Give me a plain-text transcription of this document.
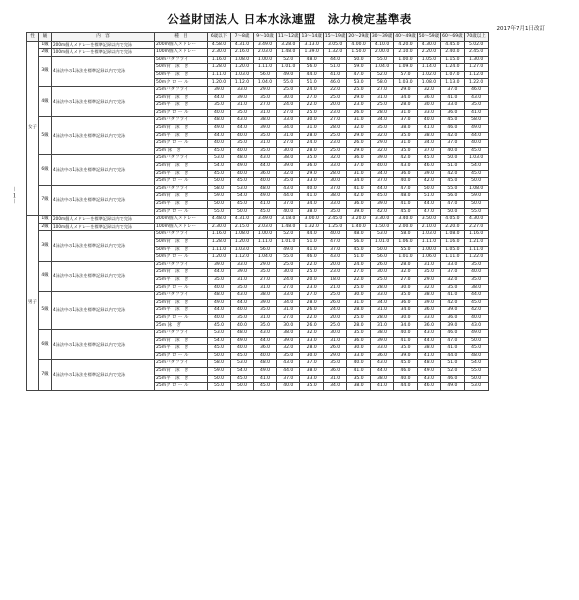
公益財団法人 日本水泳連盟　泳力検定基準表
2017年7月1日改訂
－１－
性	級	内　容	種　目	6歳以下	7～8歳	9～10歳	11～12歳	13～14歳	15～19歳	20～29歳	30～39歳	40～49歳	50～59歳	60～69歳	70歳以上
女子	1級	200m個人メドレーを標準記録以内で完泳	200m個人メドレー	4.58.0	4.31.0	3.49.0	3.28.0	3.13.0	3.05.0	4.00.0	4.10.0	4.20.0	4.30.0	4.45.0	5.02.0
	2級	100m個人メドレーを標準記録以内で完泳	100m個人メドレー	2.30.0	2.16.0	2.03.0	1.48.0	1.39.0	1.32.0	1.50.0	2.00.0	2.10.0	2.20.0	2.40.0	2.45.0
	3級	4泳法中の1泳法を標準記録以内で完泳	50mバタフライ	1.16.0	1.08.0	1.00.0	52.0	48.0	44.0	50.0	55.0	1.00.0	1.05.0	1.15.0	1.30.0
			50m背　泳　ぎ	1.28.0	1.20.0	1.11.0	1.01.0	56.0	51.0	59.0	1.04.0	1.09.0	1.14.0	1.24.0	1.27.0
			50m平　泳　ぎ	1.11.0	1.03.0	56.0	49.0	44.0	41.0	47.0	52.0	57.0	1.02.0	1.07.0	1.12.0
			50mク ロ ー ル	1.20.0	1.12.0	1.04.0	55.0	51.0	46.0	53.0	58.0	1.03.0	1.08.0	1.13.0	1.22.0
	4級	4泳法中の1泳法を標準記録以内で完泳	25mバタフライ	39.0	33.0	29.0	25.0	24.0	22.0	25.0	27.0	29.0	32.0	37.0	46.0
			25m背　泳　ぎ	44.0	39.0	35.0	30.0	27.0	25.0	29.0	31.0	34.0	36.0	41.0	43.0
			25m平　泳　ぎ	35.0	31.0	27.0	24.0	22.0	20.0	23.0	25.0	28.0	30.0	33.0	35.0
			25mク ロ ー ル	40.0	35.0	31.0	27.0	25.0	23.0	26.0	28.0	31.0	33.0	36.0	41.0
	5級	4泳法中の1泳法を標準記録以内で完泳	25mバタフライ	48.0	43.0	38.0	33.0	30.0	27.0	31.0	34.0	37.0	40.0	45.0	58.0
			25m背　泳　ぎ	49.0	44.0	39.0	34.0	31.0	28.0	32.0	35.0	38.0	41.0	46.0	49.0
			25m平　泳　ぎ	44.0	40.0	35.0	31.0	28.0	25.0	29.0	32.0	35.0	38.0	42.0	44.0
			25mク ロ ー ル	40.0	35.0	31.0	27.0	24.0	23.0	26.0	29.0	31.0	34.0	37.0	40.0
			25m 泳　ぎ	45.0	40.0	35.0	30.0	28.0	25.0	29.0	32.0	35.0	37.0	40.0	45.0
	6級	4泳法中の1泳法を標準記録以内で完泳	25mバタフライ	53.0	48.0	43.0	38.0	35.0	32.0	36.0	39.0	42.0	45.0	50.0	1.03.0
			25m背　泳　ぎ	54.0	49.0	44.0	39.0	36.0	33.0	37.0	40.0	43.0	46.0	51.0	54.0
			25m平　泳　ぎ	45.0	40.0	36.0	32.0	29.0	28.0	31.0	34.0	36.0	39.0	42.0	45.0
			25mク ロ ー ル	50.0	45.0	40.0	35.0	33.0	30.0	34.0	37.0	40.0	42.0	45.0	50.0
	7級	4泳法中の1泳法を標準記録以内で完泳	25mバタフライ	58.0	53.0	48.0	43.0	40.0	37.0	41.0	44.0	47.0	50.0	55.0	1.08.0
			25m背　泳　ぎ	59.0	54.0	49.0	44.0	41.0	38.0	42.0	45.0	48.0	51.0	56.0	59.0
			25m平　泳　ぎ	50.0	45.0	41.0	37.0	34.0	33.0	36.0	39.0	41.0	44.0	47.0	50.0
			25mク ロ ー ル	55.0	50.0	45.0	40.0	38.0	35.0	39.0	42.0	45.0	47.0	50.0	55.0
男子	1級	200m個人メドレーを標準記録以内で完泳	200m個人メドレー	4.48.0	4.31.0	3.49.0	3.18.0	3.00.0	2.45.0	3.20.0	3.30.0	3.40.0	3.50.0	4.05.0	4.30.0
	2級	100m個人メドレーを標準記録以内で完泳	100m個人メドレー	2.30.0	2.15.0	2.03.0	1.48.0	1.32.0	1.25.0	1.40.0	1.50.0	2.00.0	2.10.0	2.20.0	2.27.0
	3級	4泳法中の1泳法を標準記録以内で完泳	50mバタフライ	1.16.0	1.08.0	1.00.0	52.0	44.0	40.0	48.0	53.0	58.0	1.03.0	1.08.0	1.16.0
			50m背　泳　ぎ	1.28.0	1.20.0	1.11.0	1.01.0	51.0	47.0	56.0	1.01.0	1.06.0	1.11.0	1.16.0	1.21.0
			50m平　泳　ぎ	1.11.0	1.03.0	56.0	49.0	41.0	37.0	45.0	50.0	55.0	1.00.0	1.05.0	1.11.0
			50mク ロ ー ル	1.20.0	1.12.0	1.04.0	55.0	46.0	43.0	51.0	56.0	1.01.0	1.06.0	1.11.0	1.22.0
	4級	4泳法中の1泳法を標準記録以内で完泳	25mバタフライ	39.0	33.0	29.0	25.0	22.0	20.0	24.0	26.0	28.0	31.0	33.0	35.0
			25m背　泳　ぎ	44.0	39.0	35.0	30.0	25.0	23.0	27.0	30.0	32.0	35.0	37.0	40.0
			25m平　泳　ぎ	35.0	31.0	27.0	24.0	20.0	18.0	22.0	25.0	27.0	29.0	32.0	35.0
			25mク ロ ー ル	40.0	35.0	31.0	27.0	23.0	21.0	25.0	28.0	30.0	32.0	35.0	38.0
	5級	4泳法中の1泳法を標準記録以内で完泳	25mバタフライ	48.0	43.0	38.0	33.0	27.0	25.0	30.0	33.0	35.0	38.0	41.0	44.0
			25m背　泳　ぎ	49.0	44.0	39.0	34.0	28.0	26.0	31.0	34.0	36.0	39.0	42.0	45.0
			25m平　泳　ぎ	44.0	40.0	35.0	31.0	26.0	24.0	28.0	31.0	34.0	36.0	39.0	42.0
			25mク ロ ー ル	40.0	35.0	31.0	27.0	22.0	20.0	25.0	28.0	30.0	33.0	36.0	40.0
			25m 泳　ぎ	45.0	40.0	35.0	30.0	26.0	25.0	28.0	31.0	34.0	36.0	39.0	43.0
	6級	4泳法中の1泳法を標準記録以内で完泳	25mバタフライ	53.0	48.0	43.0	38.0	32.0	30.0	35.0	38.0	40.0	43.0	46.0	49.0
			25m背　泳　ぎ	54.0	49.0	44.0	39.0	33.0	31.0	36.0	39.0	41.0	44.0	47.0	50.0
			25m平　泳　ぎ	45.0	40.0	36.0	32.0	28.0	26.0	30.0	33.0	35.0	38.0	41.0	45.0
			25mク ロ ー ル	50.0	45.0	40.0	35.0	30.0	29.0	33.0	36.0	39.0	41.0	44.0	48.0
	7級	4泳法中の1泳法を標準記録以内で完泳	25mバタフライ	58.0	53.0	48.0	43.0	37.0	35.0	40.0	43.0	45.0	48.0	51.0	54.0
			25m背　泳　ぎ	59.0	54.0	49.0	44.0	38.0	36.0	41.0	44.0	46.0	49.0	52.0	55.0
			25m平　泳　ぎ	50.0	45.0	41.0	37.0	33.0	31.0	35.0	38.0	40.0	43.0	46.0	50.0
			25mク ロ ー ル	55.0	50.0	45.0	40.0	35.0	34.0	38.0	41.0	44.0	46.0	49.0	53.0
